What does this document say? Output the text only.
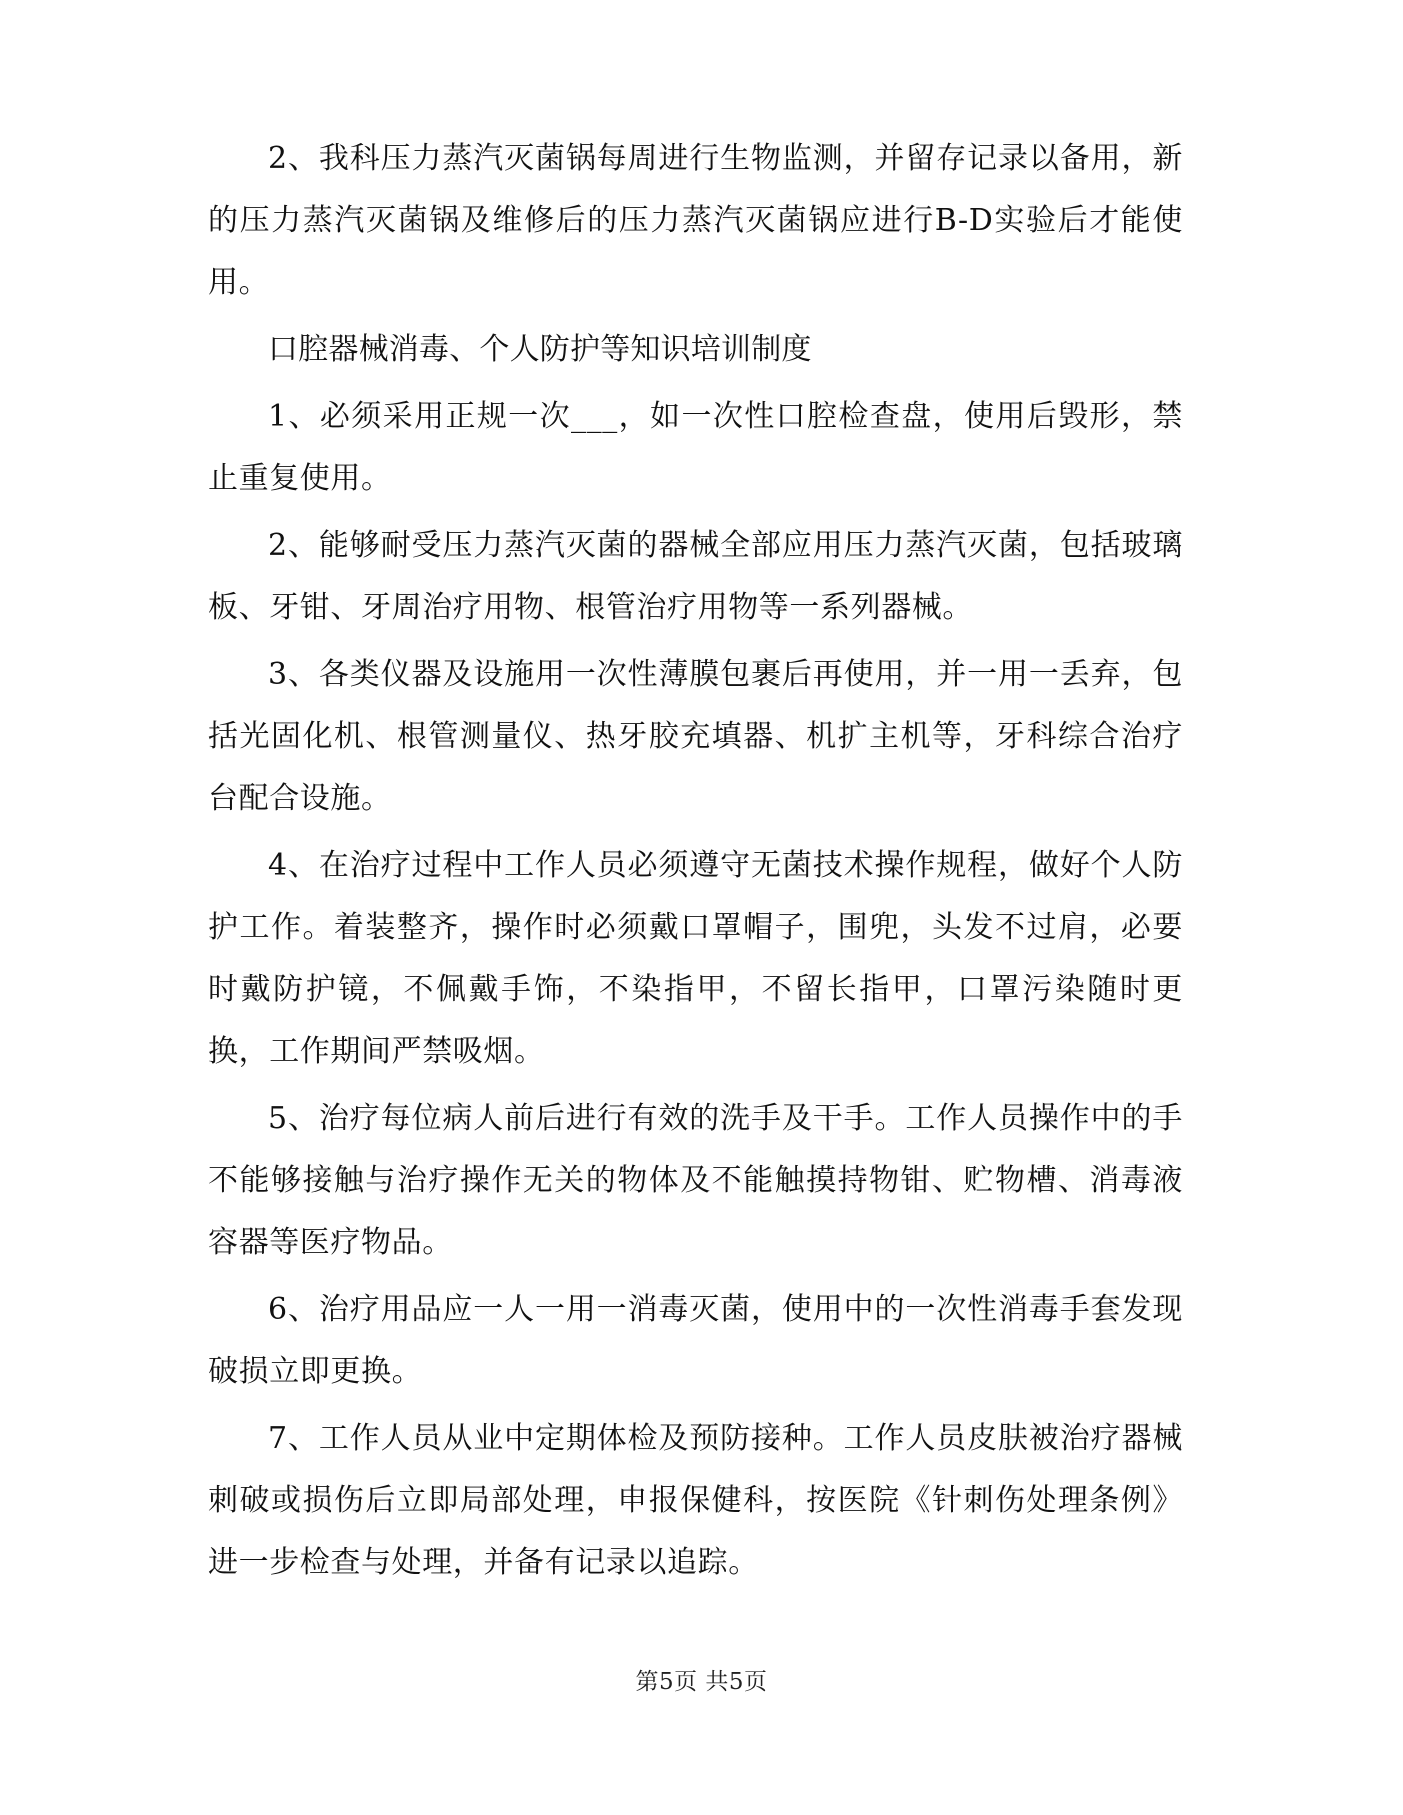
2、我科压力蒸汽灭菌锅每周进行生物监测，并留存记录以备用，新的压力蒸汽灭菌锅及维修后的压力蒸汽灭菌锅应进行B-D实验后才能使用。

口腔器械消毒、个人防护等知识培训制度

1、必须采用正规一次___，如一次性口腔检查盘，使用后毁形，禁止重复使用。

2、能够耐受压力蒸汽灭菌的器械全部应用压力蒸汽灭菌，包括玻璃板、牙钳、牙周治疗用物、根管治疗用物等一系列器械。

3、各类仪器及设施用一次性薄膜包裹后再使用，并一用一丢弃，包括光固化机、根管测量仪、热牙胶充填器、机扩主机等，牙科综合治疗台配合设施。

4、在治疗过程中工作人员必须遵守无菌技术操作规程，做好个人防护工作。着装整齐，操作时必须戴口罩帽子，围兜，头发不过肩，必要时戴防护镜，不佩戴手饰，不染指甲，不留长指甲，口罩污染随时更换，工作期间严禁吸烟。

5、治疗每位病人前后进行有效的洗手及干手。工作人员操作中的手不能够接触与治疗操作无关的物体及不能触摸持物钳、贮物槽、消毒液容器等医疗物品。

6、治疗用品应一人一用一消毒灭菌，使用中的一次性消毒手套发现破损立即更换。

7、工作人员从业中定期体检及预防接种。工作人员皮肤被治疗器械刺破或损伤后立即局部处理，申报保健科，按医院《针刺伤处理条例》进一步检查与处理，并备有记录以追踪。

第5页 共5页
